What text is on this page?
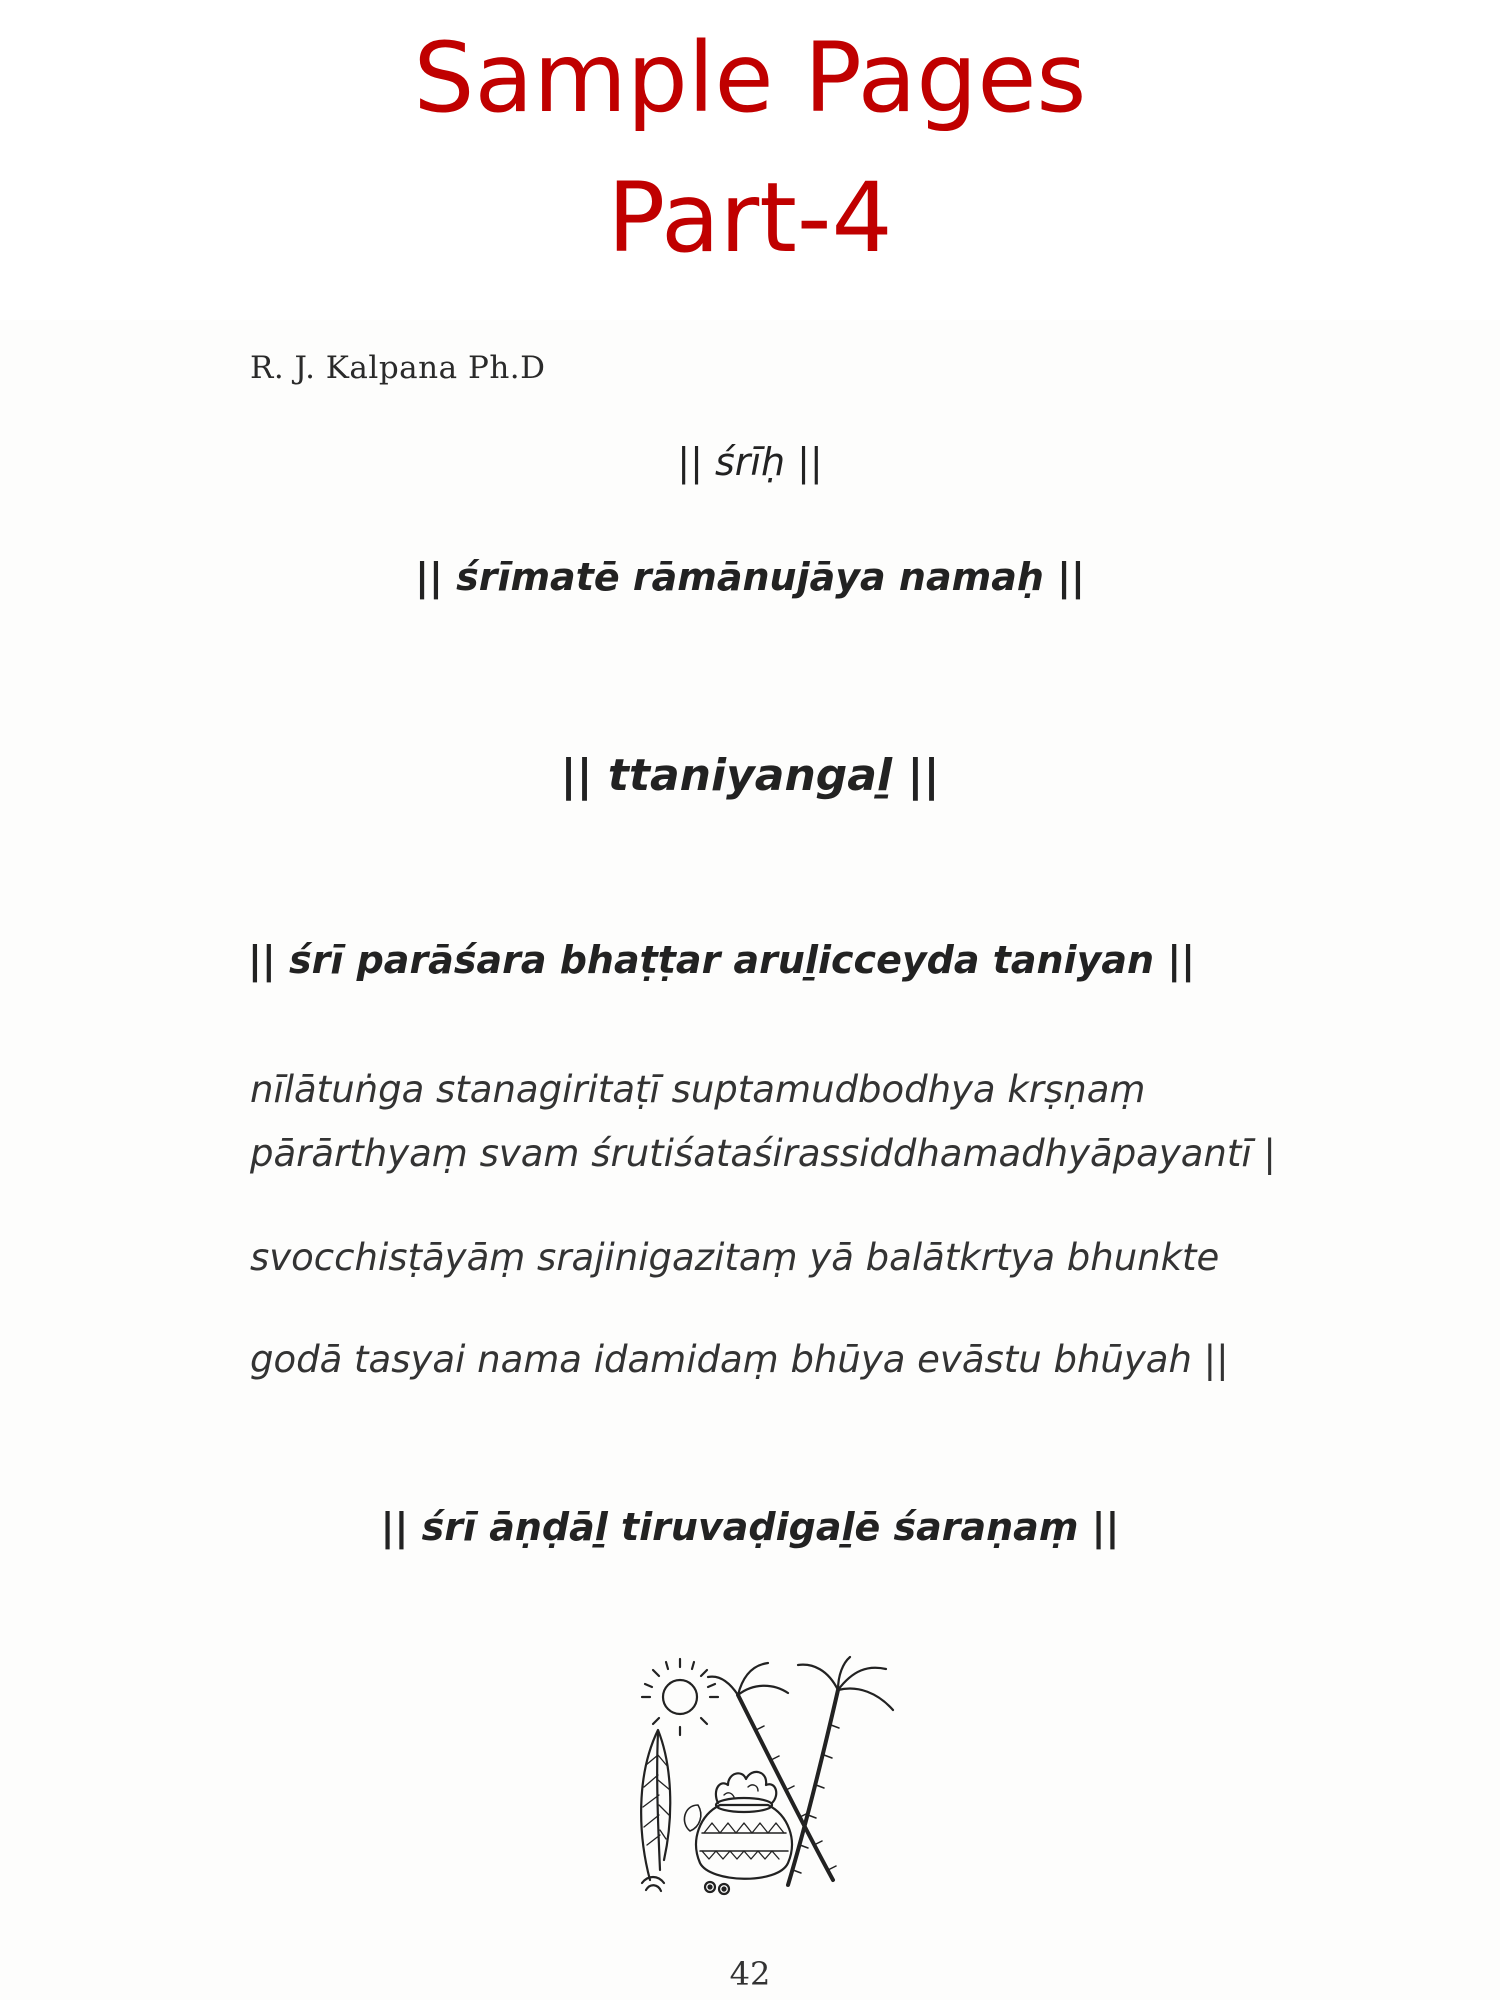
Sample Pages
Part-4
R. J. Kalpana Ph.D
|| śrīḥ ||
|| śrīmatē rāmānujāya namaḥ ||
|| ttaniyangaḻ ||
|| śrī parāśara bhaṭṭar aruḻicceyda taniyan ||
nīlātuṅga stanagiritaṭī suptamudbodhya krṣṇaṃ
pārārthyaṃ svam śrutiśataśirassiddhamadhyāpayantī |
svocchisṭāyāṃ srajinigazitaṃ yā balātkrtya bhunkte
godā tasyai nama idamidaṃ bhūya evāstu bhūyah ||
|| śrī āṇḍāḻ tiruvaḍigaḻē śaraṇaṃ ||
42
